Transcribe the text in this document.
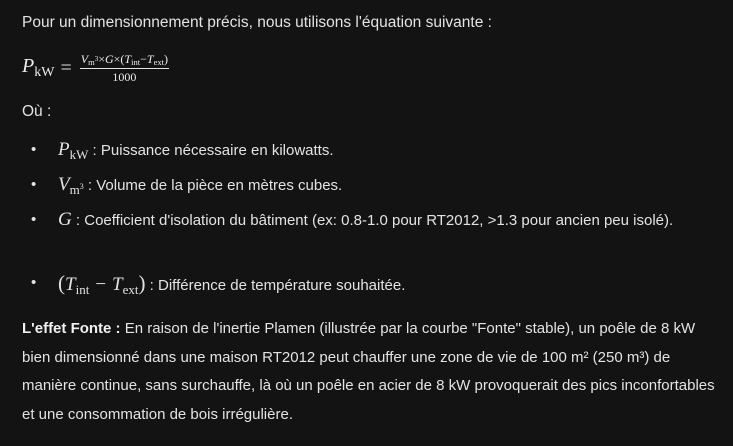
Pour un dimensionnement précis, nous utilisons l'équation suivante :
$P_{kW} = \frac{V_{m^3}\times G\times(T_{int}-T_{ext})}{1000}$
Où :
• $P_{kW}$ : Puissance nécessaire en kilowatts.
• $V_{m^3}$ : Volume de la pièce en mètres cubes.
• G : Coefficient d'isolation du bâtiment (ex: 0.8-1.0 pour RT2012, >1.3 pour ancien peu isolé).
• $(T_{int} - T_{ext})$ : Différence de température souhaitée.
L'effet Fonte : En raison de l'inertie Plamen (illustrée par la courbe "Fonte" stable), un poêle de 8 kW bien dimensionné dans une maison RT2012 peut chauffer une zone de vie de 100 m² (250 m³) de manière continue, sans surchauffe, là où un poêle en acier de 8 kW provoquerait des pics inconfortables et une consommation de bois irrégulière.
